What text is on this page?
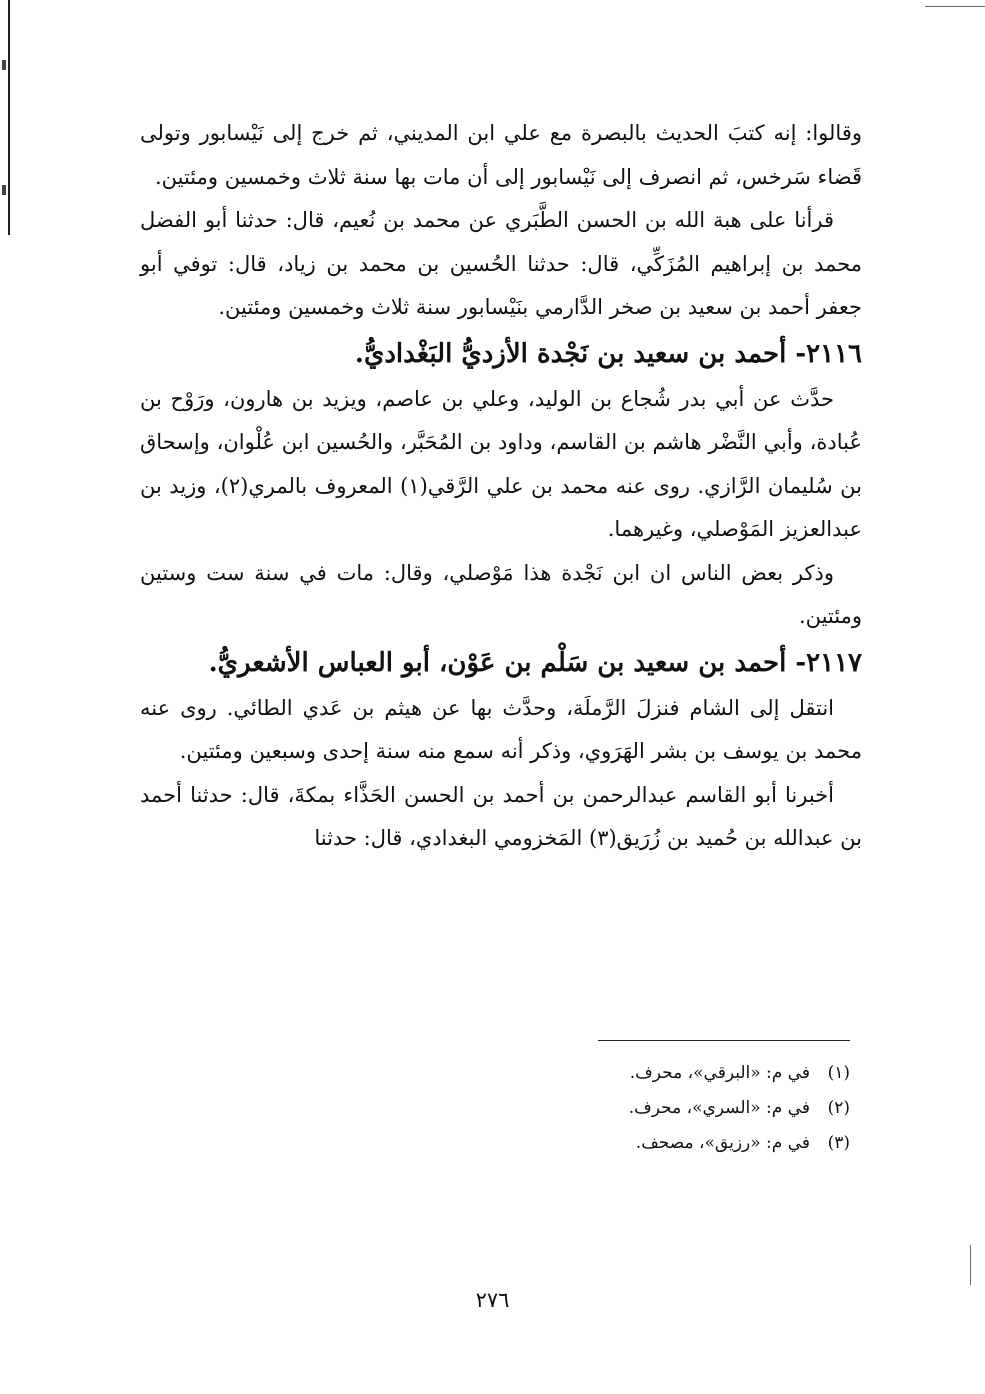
وقالوا: إنه كتبَ الحديث بالبصرة مع علي ابن المديني، ثم خرج إلى نَيْسابور وتولى قَضاء سَرخس، ثم انصرف إلى نَيْسابور إلى أن مات بها سنة ثلاث وخمسين ومئتين.

قرأنا على هبة الله بن الحسن الطَّبَري عن محمد بن نُعيم، قال: حدثنا أبو الفضل محمد بن إبراهيم المُزَكِّي، قال: حدثنا الحُسين بن محمد بن زياد، قال: توفي أبو جعفر أحمد بن سعيد بن صخر الدَّارمي بنَيْسابور سنة ثلاث وخمسين ومئتين.

٢١١٦- أحمد بن سعيد بن نَجْدة الأزديُّ البَغْداديُّ.

حدَّث عن أبي بدر شُجاع بن الوليد، وعلي بن عاصم، ويزيد بن هارون، ورَوْح بن عُبادة، وأبي النَّضْر هاشم بن القاسم، وداود بن المُحَبَّر، والحُسين ابن عُلْوان، وإسحاق بن سُليمان الرَّازي. روى عنه محمد بن علي الرَّقي(١) المعروف بالمري(٢)، وزيد بن عبدالعزيز المَوْصلي، وغيرهما.

وذكر بعض الناس ان ابن نَجْدة هذا مَوْصلي، وقال: مات في سنة ست وستين ومئتين.

٢١١٧- أحمد بن سعيد بن سَلْم بن عَوْن، أبو العباس الأشعريُّ.

انتقل إلى الشام فنزلَ الرَّملَة، وحدَّث بها عن هيثم بن عَدي الطائي. روى عنه محمد بن يوسف بن بشر الهَرَوي، وذكر أنه سمع منه سنة إحدى وسبعين ومئتين.

أخبرنا أبو القاسم عبدالرحمن بن أحمد بن الحسن الحَذَّاء بمكةَ، قال: حدثنا أحمد بن عبدالله بن حُميد بن زُرَيق(٣) المَخزومي البغدادي، قال: حدثنا

(١)
في م: «البرقي»، محرف.
(٢)
في م: «السري»، محرف.
(٣)
في م: «رزيق»، مصحف.
٢٧٦
